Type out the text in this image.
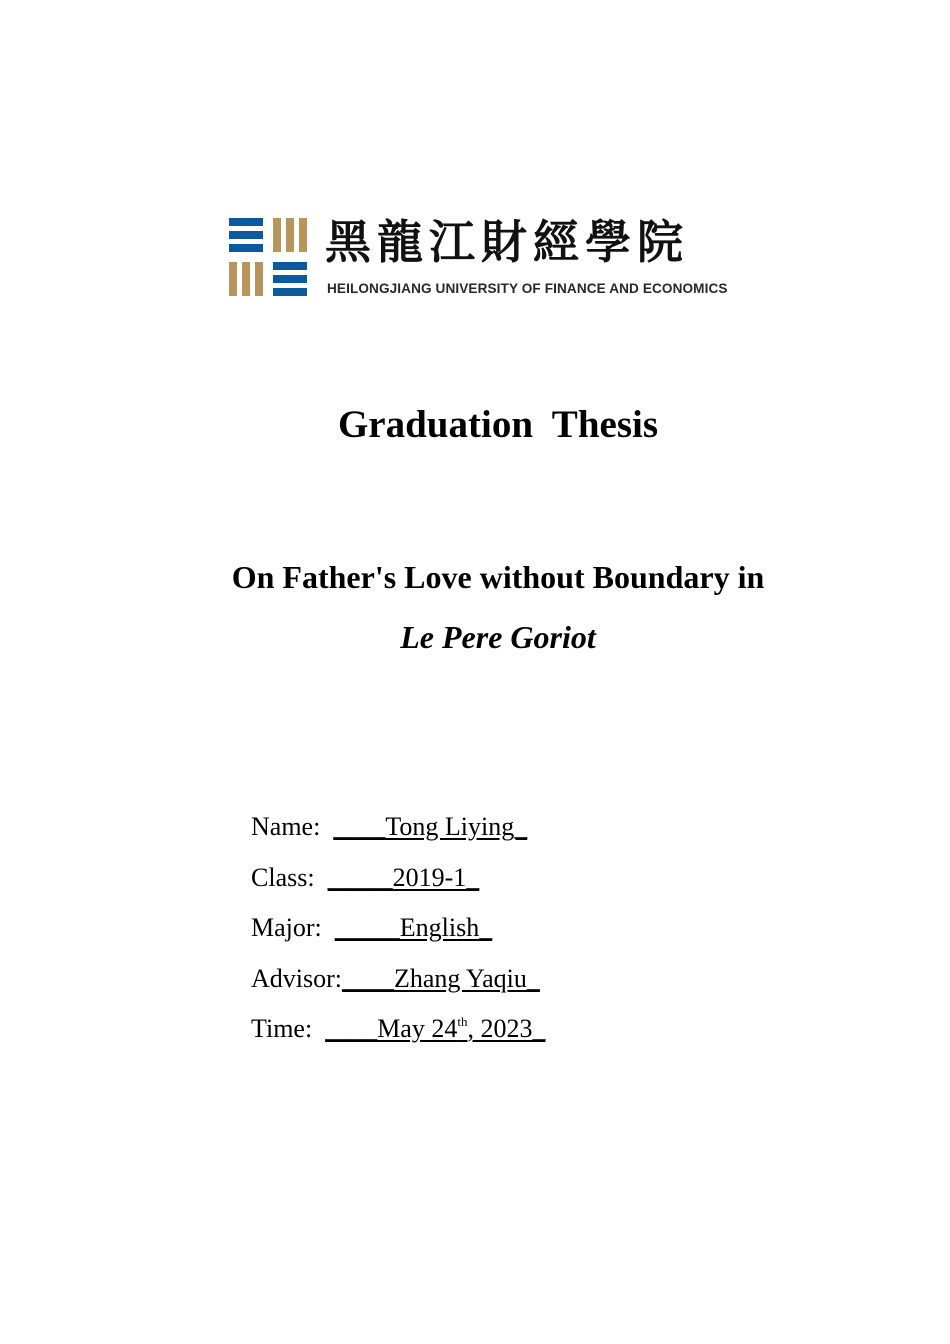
黑龍江財經學院
HEILONGJIANG UNIVERSITY OF FINANCE AND ECONOMICS
Graduation  Thesis
On Father's Love without Boundary in
Le Pere Goriot
Name:  ____Tong Liying_
Class:  _____2019-1_
Major:  _____English_
Advisor:____Zhang Yaqiu_
Time:  ____May 24th, 2023_
